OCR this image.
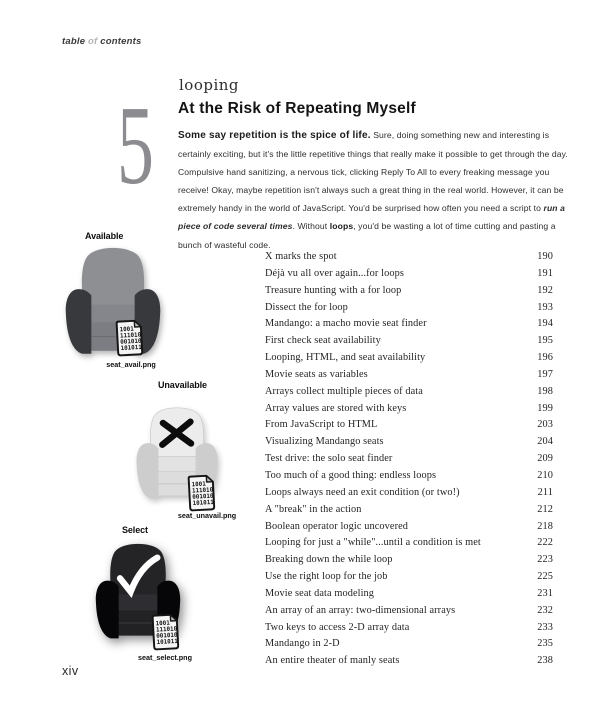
table of contents
5 looping
At the Risk of Repeating Myself

Some say repetition is the spice of life. Sure, doing something new and interesting is certainly exciting, but it's the little repetitive things that really make it possible to get through the day. Compulsive hand sanitizing, a nervous tick, clicking Reply To All to every freaking message you receive! Okay, maybe repetition isn't always such a great thing in the real world. However, it can be extremely handy in the world of JavaScript. You'd be surprised how often you need a script to run a piece of code several times. Without loops, you'd be wasting a lot of time cutting and pasting a bunch of wasteful code.

Available
1001
111010
001010
101011
seat_avail.png
Unavailable
1001
111010
001010
101011
seat_unavail.png
Select
1001
111010
001010
101011
seat_select.png
X marks the spot	190
Déjà vu all over again...for loops	191
Treasure hunting with a for loop	192
Dissect the for loop	193
Mandango: a macho movie seat finder	194
First check seat availability	195
Looping, HTML, and seat availability	196
Movie seats as variables	197
Arrays collect multiple pieces of data	198
Array values are stored with keys	199
From JavaScript to HTML	203
Visualizing Mandango seats	204
Test drive: the solo seat finder	209
Too much of a good thing: endless loops	210
Loops always need an exit condition (or two!)	211
A "break" in the action	212
Boolean operator logic uncovered	218
Looping for just a "while"...until a condition is met	222
Breaking down the while loop	223
Use the right loop for the job	225
Movie seat data modeling	231
An array of an array: two-dimensional arrays	232
Two keys to access 2-D array data	233
Mandango in 2-D	235
An entire theater of manly seats	238
xiv
